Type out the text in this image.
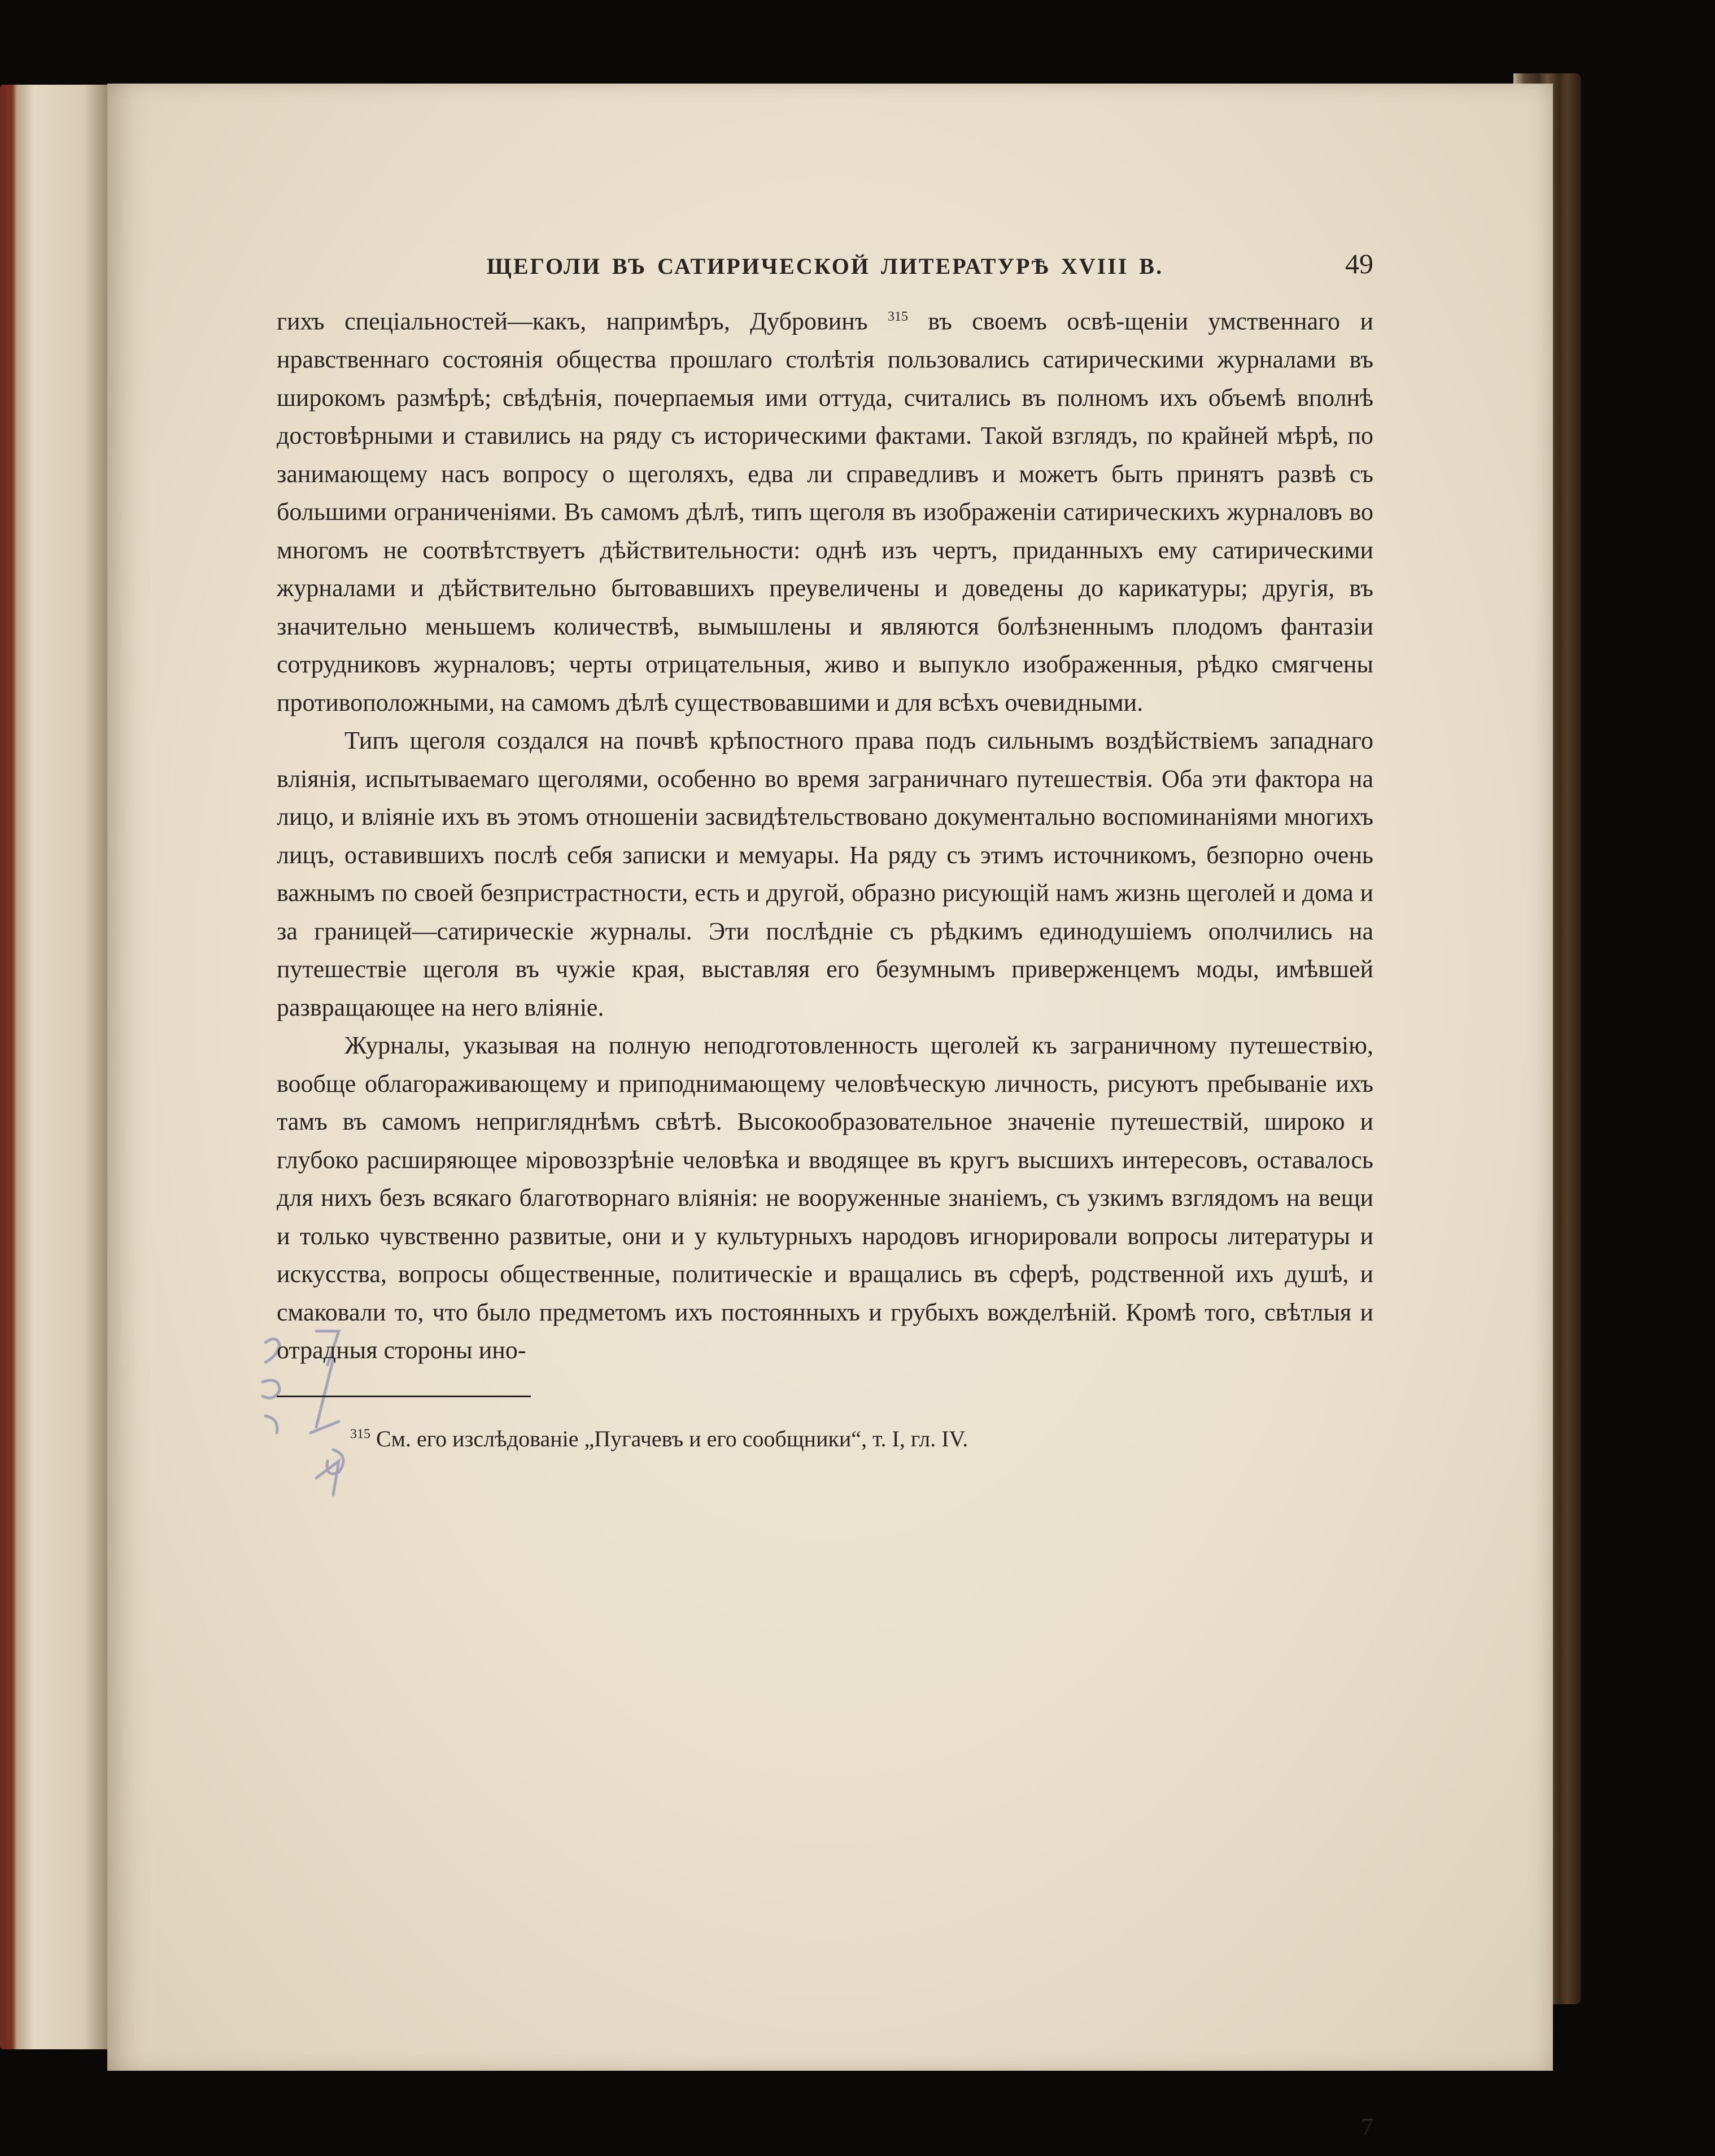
ЩЕГОЛИ ВЪ САТИРИЧЕСКОЙ ЛИТЕРАТУРѢ XVIII В.	49

гихъ спеціальностей—какъ, напримѣръ, Дубровинъ $^{315}$ въ своемъ освѣ-щеніи умственнаго и нравственнаго состоянія общества прошлаго столѣтія пользовались сатирическими журналами въ широкомъ размѣрѣ; свѣдѣнія, почерпаемыя ими оттуда, считались въ полномъ ихъ объемѣ вполнѣ достовѣрными и ставились на ряду съ историческими фактами. Такой взглядъ, по крайней мѣрѣ, по занимающему насъ вопросу о щеголяхъ, едва ли справедливъ и можетъ быть принятъ развѣ съ большими ограниченіями. Въ самомъ дѣлѣ, типъ щеголя въ изображеніи сатирическихъ журналовъ во многомъ не соотвѣтствуетъ дѣйствительности: однѣ изъ чертъ, приданныхъ ему сатирическими журналами и дѣйствительно бытовавшихъ преувеличены и доведены до карикатуры; другія, въ значительно меньшемъ количествѣ, вымышлены и являются болѣзненнымъ плодомъ фантазіи сотрудниковъ журналовъ; черты отрицательныя, живо и выпукло изображенныя, рѣдко смягчены противоположными, на самомъ дѣлѣ существовавшими и для всѣхъ очевидными.

Типъ щеголя создался на почвѣ крѣпостного права подъ сильнымъ воздѣйствіемъ западнаго вліянія, испытываемаго щеголями, особенно во время заграничнаго путешествія. Оба эти фактора на лицо, и вліяніе ихъ въ этомъ отношеніи засвидѣтельствовано документально воспоминаніями многихъ лицъ, оставившихъ послѣ себя записки и мемуары. На ряду съ этимъ источникомъ, безпорно очень важнымъ по своей безпристрастности, есть и другой, образно рисующій намъ жизнь щеголей и дома и за границей—сатирическіе журналы. Эти послѣдніе съ рѣдкимъ единодушіемъ ополчились на путешествіе щеголя въ чужіе края, выставляя его безумнымъ приверженцемъ моды, имѣвшей развращающее на него вліяніе.

Журналы, указывая на полную неподготовленность щеголей къ заграничному путешествію, вообще облагораживающему и приподнимающему человѣческую личность, рисуютъ пребываніе ихъ тамъ въ самомъ непригляднѣмъ свѣтѣ. Высокообразовательное значеніе путешествій, широко и глубоко расширяющее міровоззрѣніе человѣка и вводящее въ кругъ высшихъ интересовъ, оставалось для нихъ безъ всякаго благотворнаго вліянія: не вооруженные знаніемъ, съ узкимъ взглядомъ на вещи и только чувственно развитые, они и у культурныхъ народовъ игнорировали вопросы литературы и искусства, вопросы общественные, политическіе и вращались въ сферѣ, родственной ихъ душѣ, и смаковали то, что было предметомъ ихъ постоянныхъ и грубыхъ вожделѣній. Кромѣ того, свѣтлыя и отрадныя стороны ино-

$^{315}$ См. его изслѣдованіе „Пугачевъ и его сообщники“, т. I, гл. IV.
7
